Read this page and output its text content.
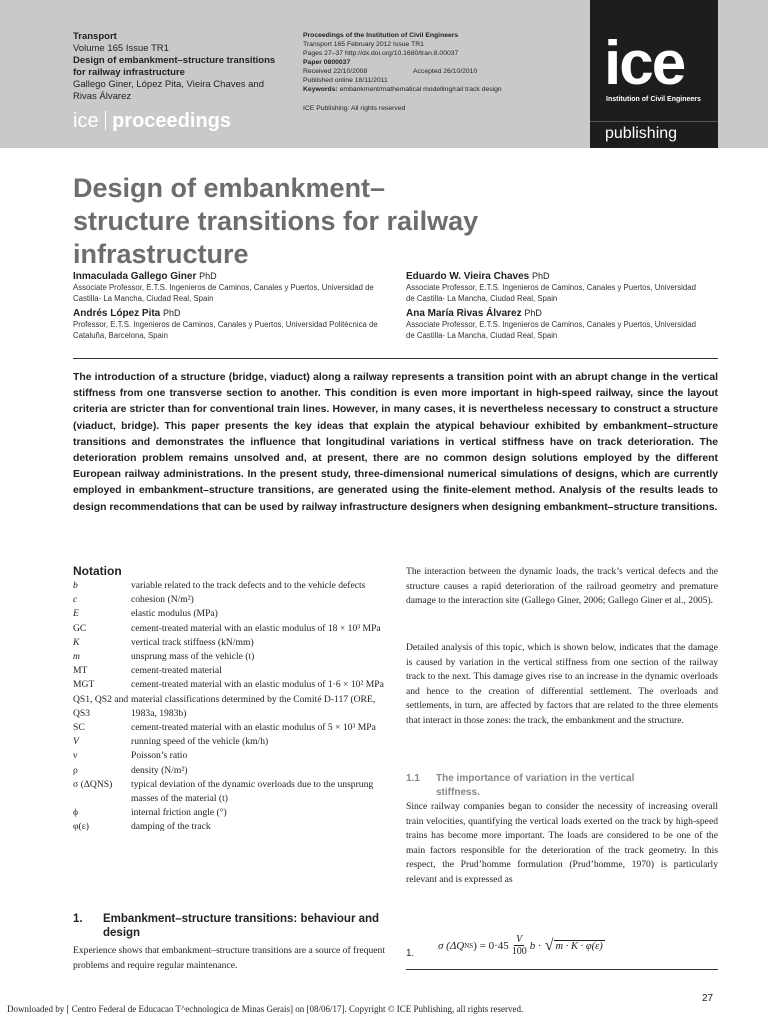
Transport
Volume 165 Issue TR1
Design of embankment–structure transitions for railway infrastructure
Gallego Giner, López Pita, Vieira Chaves and Rivas Álvarez
ice proceedings
Proceedings of the Institution of Civil Engineers
Transport 165 February 2012 Issue TR1
Pages 27–37 http://dx.doi.org/10.1680/tran.8.00037
Paper 0800037
Received 22/10/2008	Accepted 26/10/2010
Published online 18/11/2011
Keywords: embankment/mathematical modelling/rail track design
ICE Publishing: All rights reserved
ice
Institution of Civil Engineers
publishing
Design of embankment– structure transitions for railway infrastructure
Inmaculada Gallego Giner PhD
Associate Professor, E.T.S. Ingenieros de Caminos, Canales y Puertos, Universidad de Castilla- La Mancha, Ciudad Real, Spain
Andrés López Pita PhD
Professor, E.T.S. Ingenieros de Caminos, Canales y Puertos, Universidad Politécnica de Cataluña, Barcelona, Spain
Eduardo W. Vieira Chaves PhD
Associate Professor, E.T.S. Ingenieros de Caminos, Canales y Puertos, Universidad de Castilla- La Mancha, Ciudad Real, Spain
Ana María Rivas Álvarez PhD
Associate Professor, E.T.S. Ingenieros de Caminos, Canales y Puertos, Universidad de Castilla- La Mancha, Ciudad Real, Spain
The introduction of a structure (bridge, viaduct) along a railway represents a transition point with an abrupt change in the vertical stiffness from one transverse section to another. This condition is even more important in high-speed railway, since the layout criteria are stricter than for conventional train lines. However, in many cases, it is nevertheless necessary to construct a structure (viaduct, bridge). This paper presents the key ideas that explain the atypical behaviour exhibited by embankment–structure transitions and demonstrates the influence that longitudinal variations in vertical stiffness have on track deterioration. The deterioration problem remains unsolved and, at present, there are no common design solutions employed by the different European railway administrations. In the present study, three-dimensional numerical simulations of designs, which are currently employed in embankment–structure transitions, are generated using the finite-element method. Analysis of the results leads to design recommendations that can be used by railway infrastructure designers when designing embankment–structure transitions.
Notation
b	variable related to the track defects and to the vehicle defects
c	cohesion (N/m²)
E	elastic modulus (MPa)
GC	cement-treated material with an elastic modulus of 18 × 10³ MPa
K	vertical track stiffness (kN/mm)
m	unsprung mass of the vehicle (t)
MT	cement-treated material
MGT	cement-treated material with an elastic modulus of 1·6 × 10² MPa
QS1, QS2 and QS3
material classifications determined by the Comité D-117 (ORE, 1983a, 1983b)
SC	cement-treated material with an elastic modulus of 5 × 10³ MPa
V	running speed of the vehicle (km/h)
ν	Poisson’s ratio
ρ	density (N/m²)
σ (ΔQNS)	typical deviation of the dynamic overloads due to the unsprung masses of the material (t)
ϕ	internal friction angle (°)
φ(ε)	damping of the track
1.	Embankment–structure transitions: behaviour and design
Experience shows that embankment–structure transitions are a source of frequent problems and require regular maintenance.
The interaction between the dynamic loads, the track’s vertical defects and the structure causes a rapid deterioration of the railroad geometry and premature damage to the interaction site (Gallego Giner, 2006; Gallego Giner et al., 2005).
Detailed analysis of this topic, which is shown below, indicates that the damage is caused by variation in the vertical stiffness from one section of the railway track to the next. This damage gives rise to an increase in the dynamic overloads and hence to the creation of differential settlement. The overloads and settlements, in turn, are affected by factors that are related to the three elements that interact in those zones: the track, the embankment and the structure.
1.1 The importance of variation in the vertical
stiffness.
Since railway companies began to consider the necessity of increasing overall train velocities, quantifying the vertical loads exerted on the track by high-speed trains has become more important. The loads are considered to be one of the main factors responsible for the deterioration of the track geometry. In this respect, the Prud’homme formulation (Prud’homme, 1970) is particularly relevant and is expressed as
1.
σ (ΔQ NS ) = $0\cdot 45 \frac{V}{100}$ b · √ m · K · φ(ε)
27
Downloaded by [ Centro Federal de Educacao T^echnologica de Minas Gerais] on [08/06/17]. Copyright © ICE Publishing, all rights reserved.
